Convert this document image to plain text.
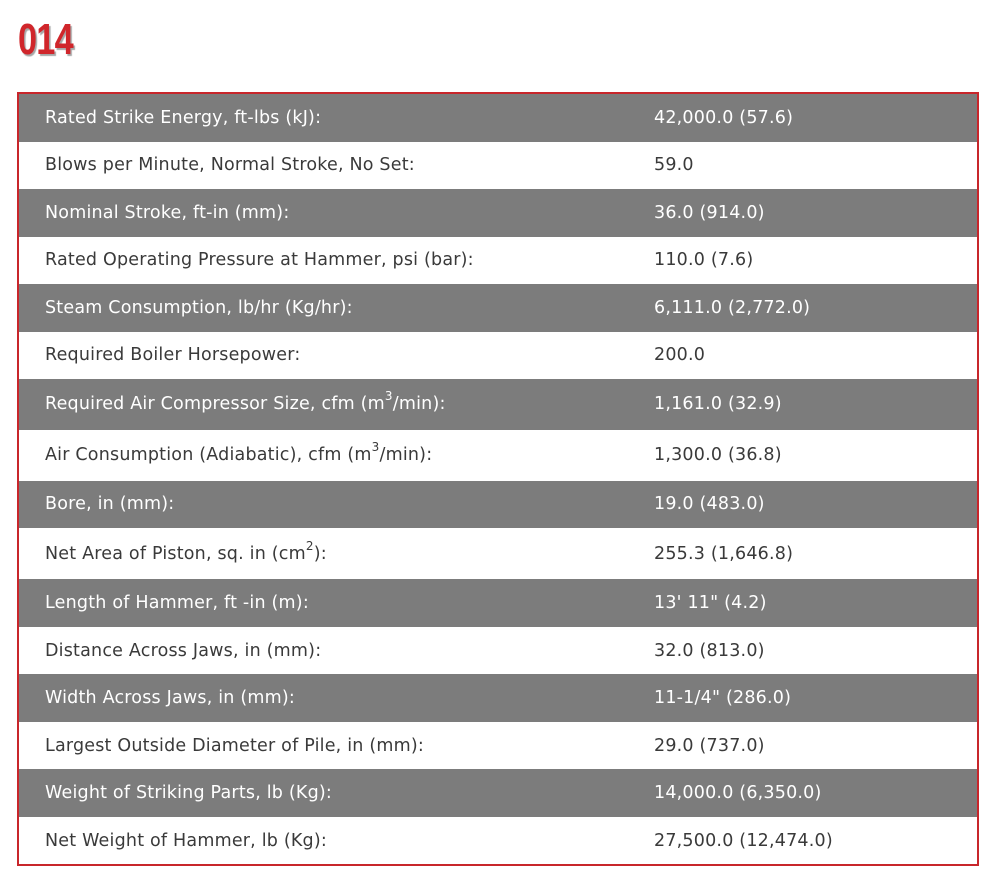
014
Rated Strike Energy, ft-lbs (kJ):	42,000.0 (57.6)
Blows per Minute, Normal Stroke, No Set:	59.0
Nominal Stroke, ft-in (mm):	36.0 (914.0)
Rated Operating Pressure at Hammer, psi (bar):	110.0 (7.6)
Steam Consumption, lb/hr (Kg/hr):	6,111.0 (2,772.0)
Required Boiler Horsepower:	200.0
Required Air Compressor Size, cfm $(m^3/\min)$:	1,161.0 (32.9)
Air Consumption (Adiabatic), cfm $(m^3/\min)$:	1,300.0 (36.8)
Bore, in (mm):	19.0 (483.0)
Net Area of Piston, sq. in $(cm^2)$:	255.3 (1,646.8)
Length of Hammer, ft -in (m):	13' 11" (4.2)
Distance Across Jaws, in (mm):	32.0 (813.0)
Width Across Jaws, in (mm):	11-1/4" (286.0)
Largest Outside Diameter of Pile, in (mm):	29.0 (737.0)
Weight of Striking Parts, lb (Kg):	14,000.0 (6,350.0)
Net Weight of Hammer, lb (Kg):	27,500.0 (12,474.0)
